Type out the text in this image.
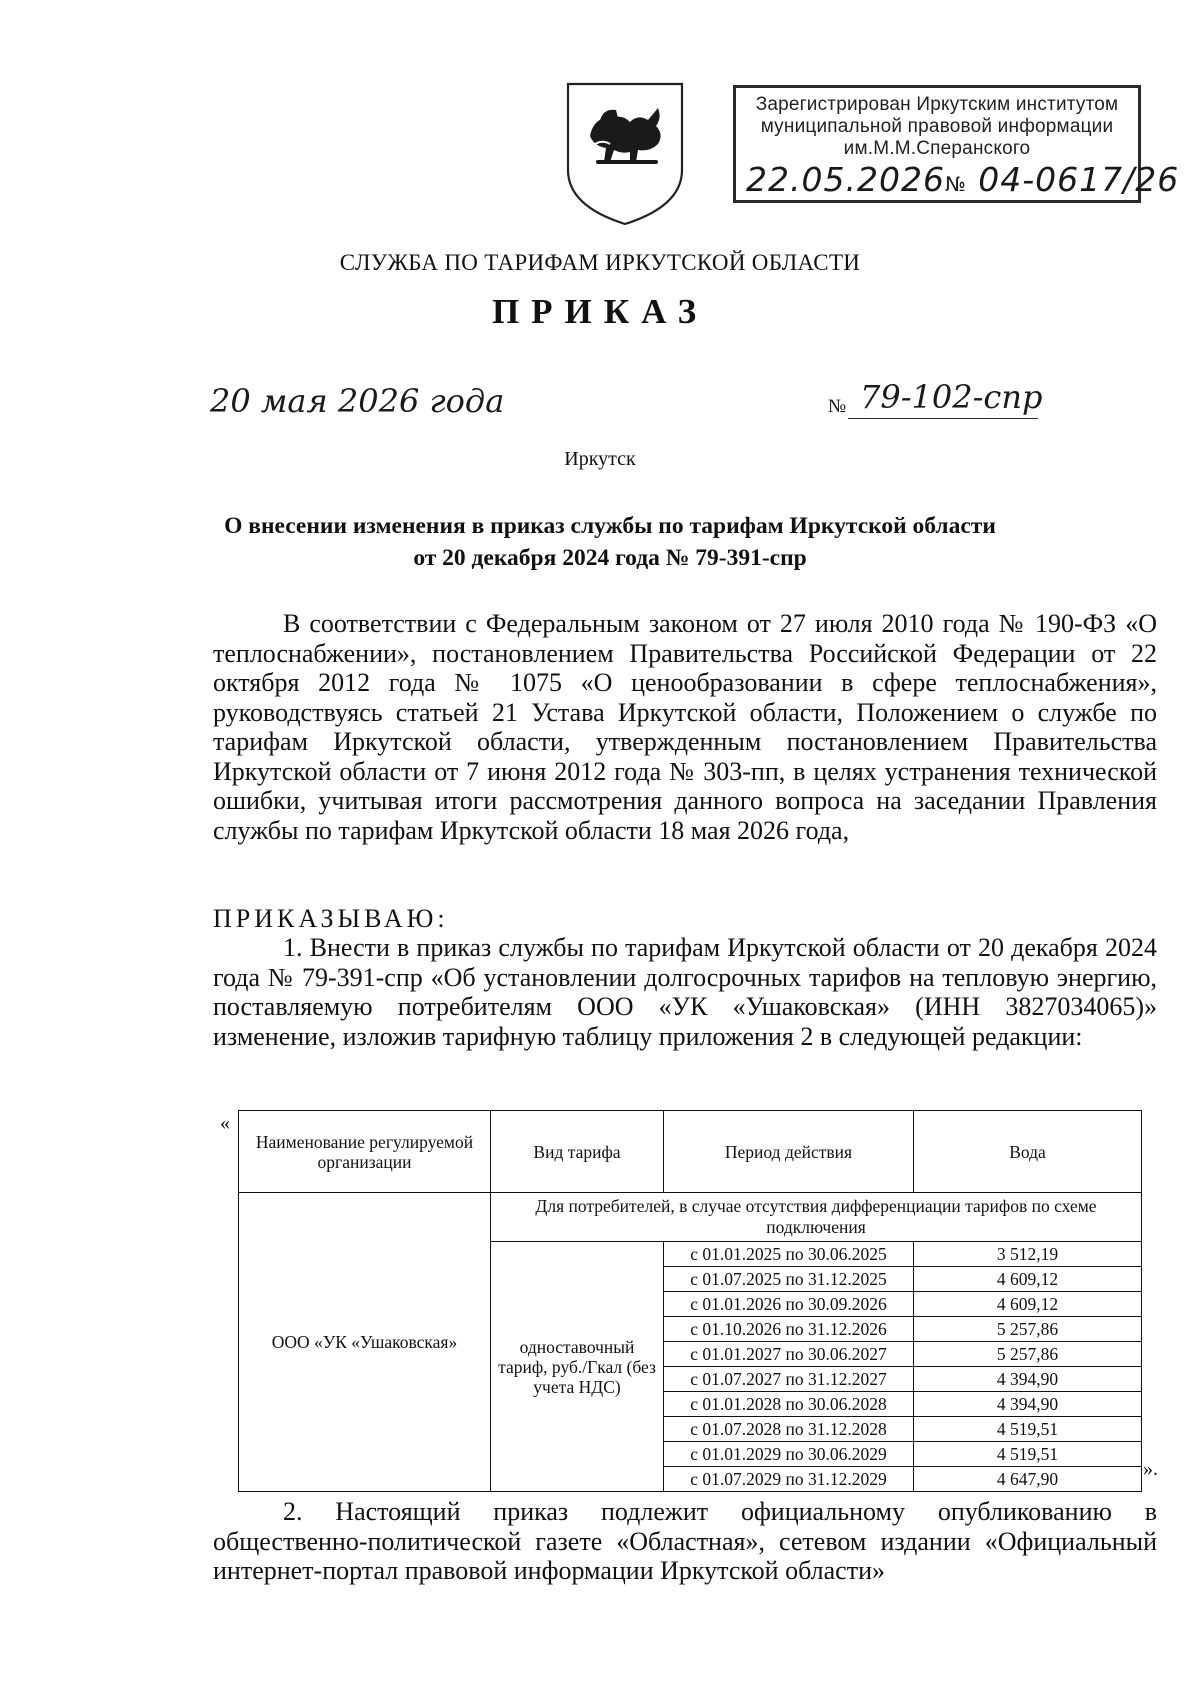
Зарегистрирован Иркутским институтом
муниципальной правовой информации
им.М.М.Сперанского
22.05.2026№ 04-0617/26
СЛУЖБА ПО ТАРИФАМ ИРКУТСКОЙ ОБЛАСТИ
ПРИКАЗ
20 мая 2026 года	№ 79-102-спр
Иркутск
О внесении изменения в приказ службы по тарифам Иркутской области
от 20 декабря 2024 года № 79-391-спр
В соответствии с Федеральным законом от 27 июля 2010 года № 190-ФЗ «О теплоснабжении», постановлением Правительства Российской Федерации от 22 октября 2012 года № 1075 «О ценообразовании в сфере теплоснабжения», руководствуясь статьей 21 Устава Иркутской области, Положением о службе по тарифам Иркутской области, утвержденным постановлением Правительства Иркутской области от 7 июня 2012 года № 303-пп, в целях устранения технической ошибки, учитывая итоги рассмотрения данного вопроса на заседании Правления службы по тарифам Иркутской области 18 мая 2026 года,
ПРИКАЗЫВАЮ:
1. Внести в приказ службы по тарифам Иркутской области от 20 декабря 2024 года № 79-391-спр «Об установлении долгосрочных тарифов на тепловую энергию, поставляемую потребителям ООО «УК «Ушаковская» (ИНН 3827034065)» изменение, изложив тарифную таблицу приложения 2 в следующей редакции:
«
Наименование регулируемой организации	Вид тарифа	Период действия	Вода
ООО «УК «Ушаковская»	Для потребителей, в случае отсутствия дифференциации тарифов по схеме подключения		
	одноставочный тариф, руб./Гкал (без учета НДС)	с 01.01.2025 по 30.06.2025	3 512,19
		с 01.07.2025 по 31.12.2025	4 609,12
		с 01.01.2026 по 30.09.2026	4 609,12
		с 01.10.2026 по 31.12.2026	5 257,86
		с 01.01.2027 по 30.06.2027	5 257,86
		с 01.07.2027 по 31.12.2027	4 394,90
		с 01.01.2028 по 30.06.2028	4 394,90
		с 01.07.2028 по 31.12.2028	4 519,51
		с 01.01.2029 по 30.06.2029	4 519,51
		с 01.07.2029 по 31.12.2029	4 647,90	».
2. Настоящий приказ подлежит официальному опубликованию в общественно-политической газете «Областная», сетевом издании «Официальный интернет-портал правовой информации Иркутской области»
